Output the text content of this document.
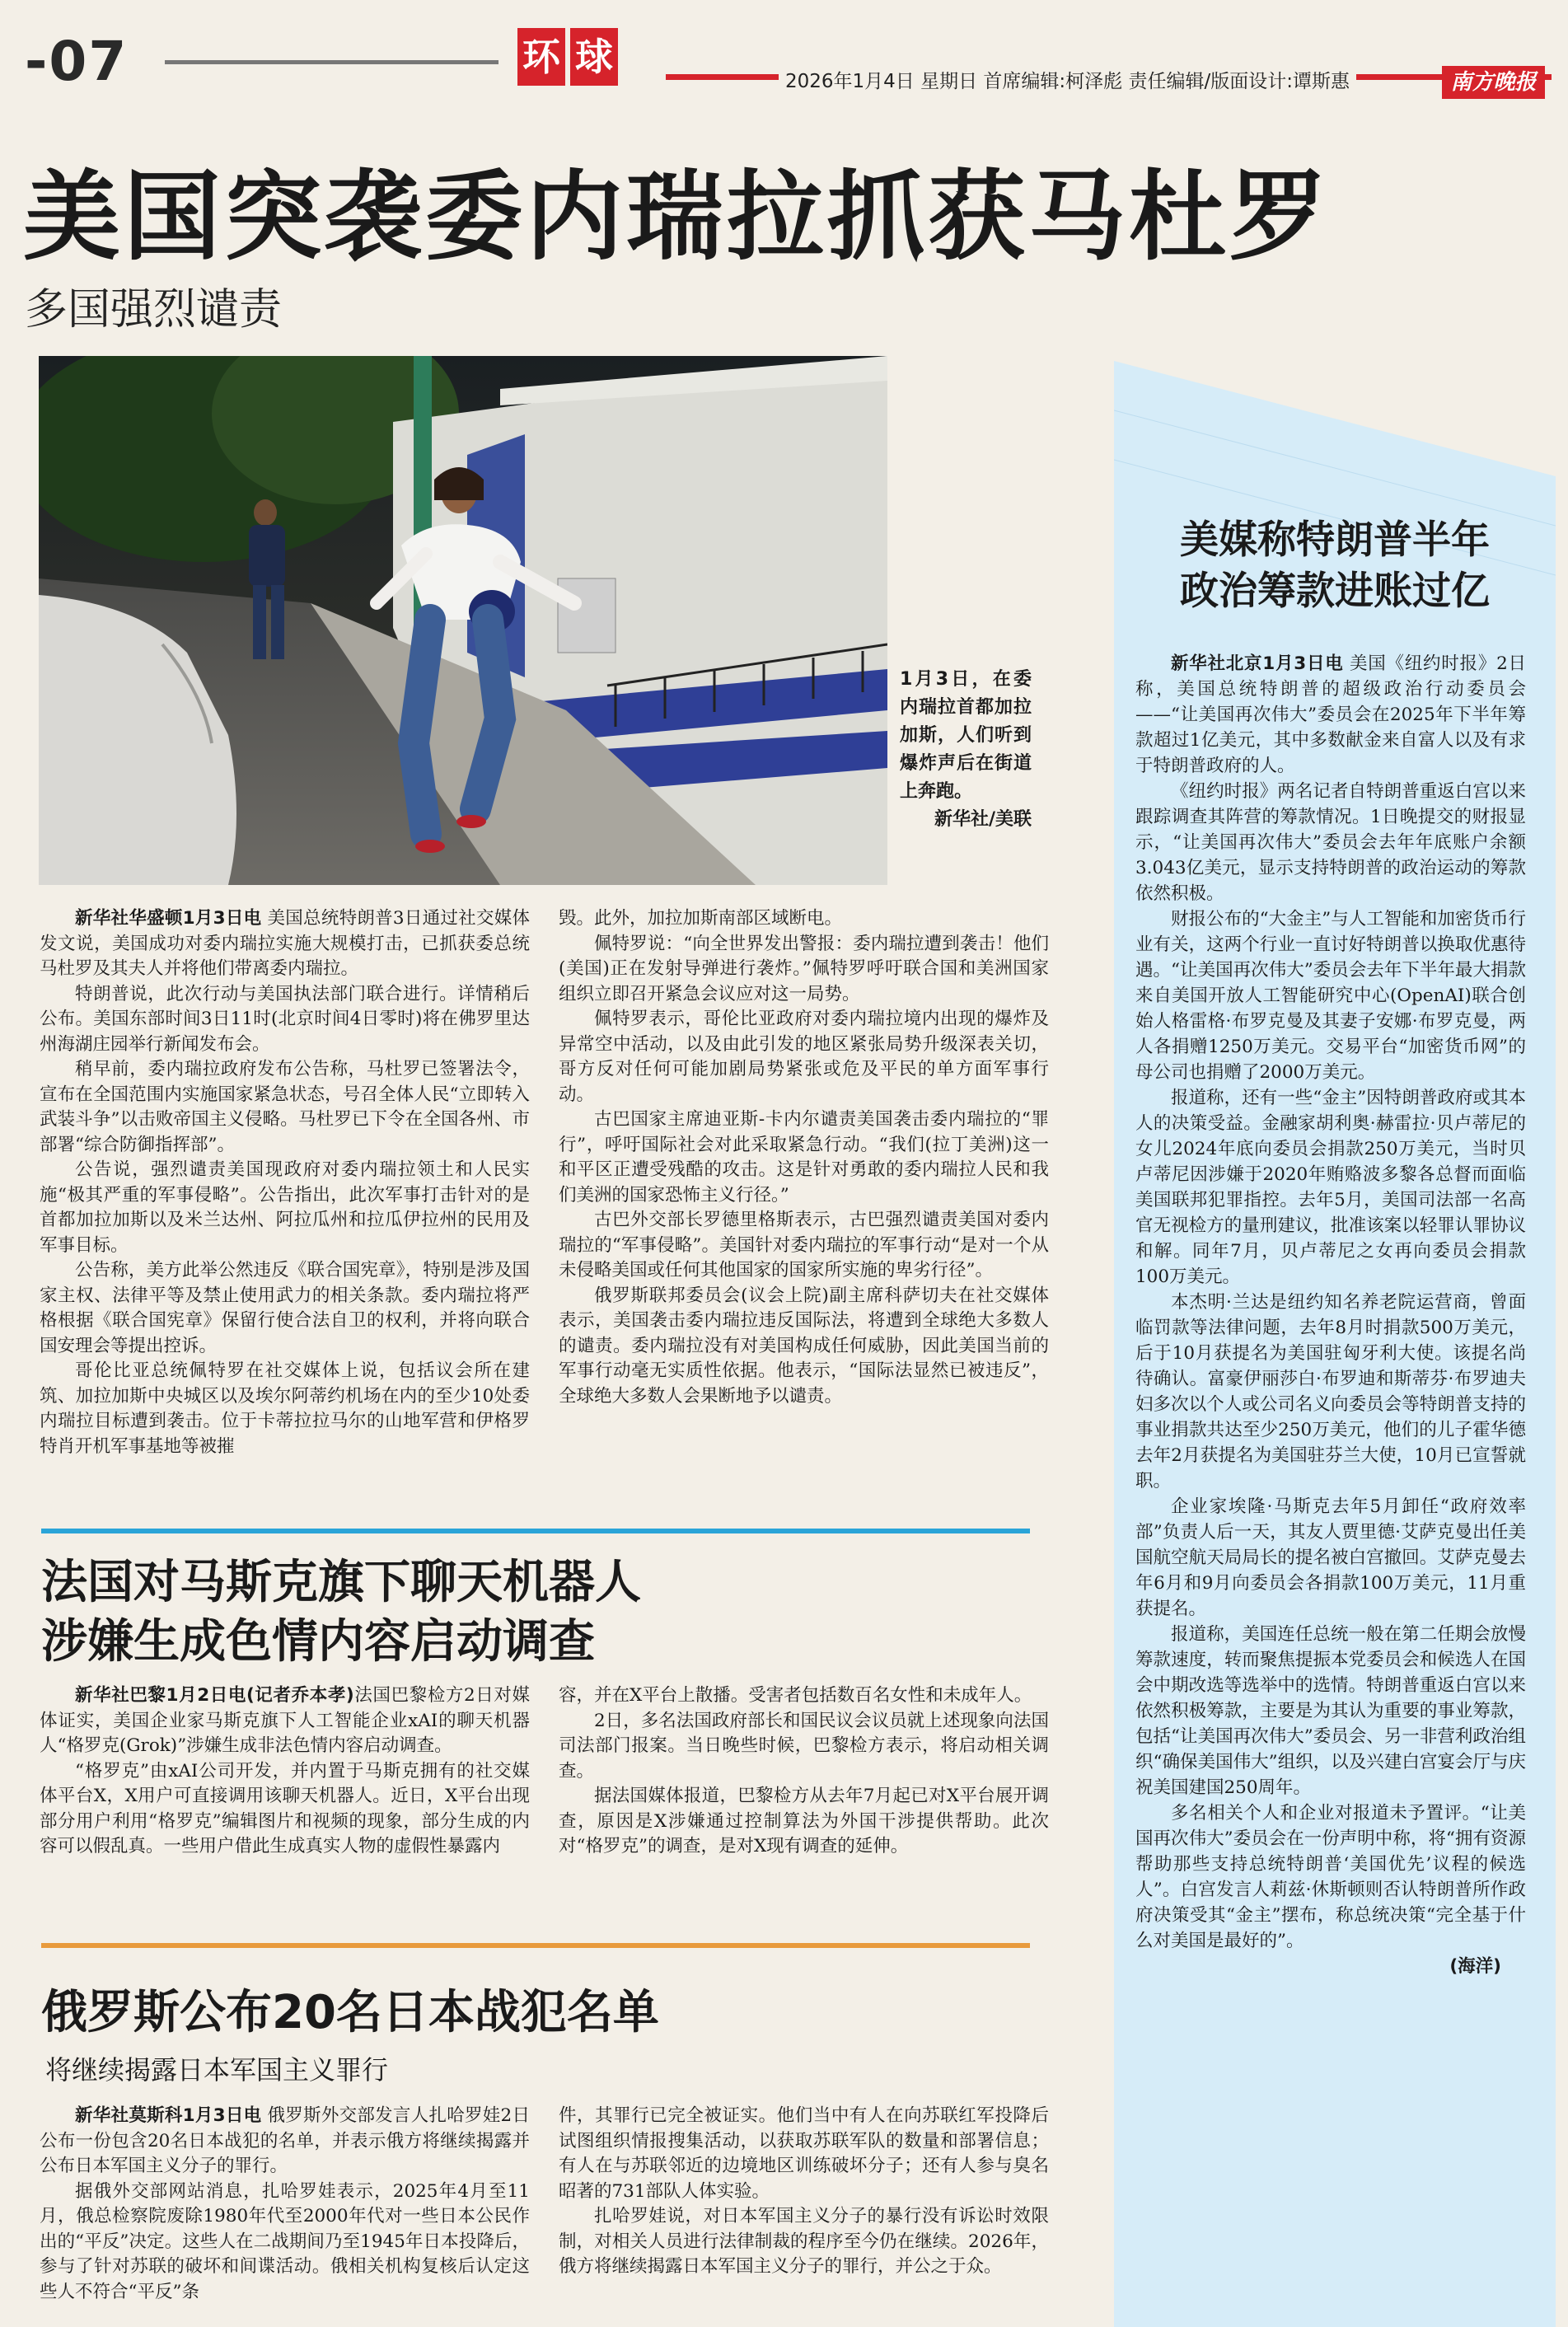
-07	环 球
2026年1月4日 星期日 首席编辑:柯泽彪 责任编辑/版面设计:谭斯惠	南方晚报
美国突袭委内瑞拉抓获马杜罗
多国强烈谴责
1月3日，在委内瑞拉首都加拉加斯，人们听到爆炸声后在街道上奔跑。
新华社/美联

新华社华盛顿1月3日电 美国总统特朗普3日通过社交媒体发文说，美国成功对委内瑞拉实施大规模打击，已抓获委总统马杜罗及其夫人并将他们带离委内瑞拉。

特朗普说，此次行动与美国执法部门联合进行。详情稍后公布。美国东部时间3日11时(北京时间4日零时)将在佛罗里达州海湖庄园举行新闻发布会。

稍早前，委内瑞拉政府发布公告称，马杜罗已签署法令，宣布在全国范围内实施国家紧急状态，号召全体人民“立即转入武装斗争”以击败帝国主义侵略。马杜罗已下令在全国各州、市部署“综合防御指挥部”。

公告说，强烈谴责美国现政府对委内瑞拉领土和人民实施“极其严重的军事侵略”。公告指出，此次军事打击针对的是首都加拉加斯以及米兰达州、阿拉瓜州和拉瓜伊拉州的民用及军事目标。

公告称，美方此举公然违反《联合国宪章》，特别是涉及国家主权、法律平等及禁止使用武力的相关条款。委内瑞拉将严格根据《联合国宪章》保留行使合法自卫的权利，并将向联合国安理会等提出控诉。

哥伦比亚总统佩特罗在社交媒体上说，包括议会所在建筑、加拉加斯中央城区以及埃尔阿蒂约机场在内的至少10处委内瑞拉目标遭到袭击。位于卡蒂拉拉马尔的山地军营和伊格罗特肖开机军事基地等被摧

毁。此外，加拉加斯南部区域断电。

佩特罗说：“向全世界发出警报：委内瑞拉遭到袭击！他们(美国)正在发射导弹进行袭炸。”佩特罗呼吁联合国和美洲国家组织立即召开紧急会议应对这一局势。

佩特罗表示，哥伦比亚政府对委内瑞拉境内出现的爆炸及异常空中活动，以及由此引发的地区紧张局势升级深表关切，哥方反对任何可能加剧局势紧张或危及平民的单方面军事行动。

古巴国家主席迪亚斯-卡内尔谴责美国袭击委内瑞拉的“罪行”，呼吁国际社会对此采取紧急行动。“我们(拉丁美洲)这一和平区正遭受残酷的攻击。这是针对勇敢的委内瑞拉人民和我们美洲的国家恐怖主义行径。”

古巴外交部长罗德里格斯表示，古巴强烈谴责美国对委内瑞拉的“军事侵略”。美国针对委内瑞拉的军事行动“是对一个从未侵略美国或任何其他国家的国家所实施的卑劣行径”。

俄罗斯联邦委员会(议会上院)副主席科萨切夫在社交媒体表示，美国袭击委内瑞拉违反国际法，将遭到全球绝大多数人的谴责。委内瑞拉没有对美国构成任何威胁，因此美国当前的军事行动毫无实质性依据。他表示，“国际法显然已被违反”，全球绝大多数人会果断地予以谴责。

法国对马斯克旗下聊天机器人
涉嫌生成色情内容启动调查

新华社巴黎1月2日电(记者乔本孝)法国巴黎检方2日对媒体证实，美国企业家马斯克旗下人工智能企业xAI的聊天机器人“格罗克(Grok)”涉嫌生成非法色情内容启动调查。

“格罗克”由xAI公司开发，并内置于马斯克拥有的社交媒体平台X，X用户可直接调用该聊天机器人。近日，X平台出现部分用户利用“格罗克”编辑图片和视频的现象，部分生成的内容可以假乱真。一些用户借此生成真实人物的虚假性暴露内

容，并在X平台上散播。受害者包括数百名女性和未成年人。

2日，多名法国政府部长和国民议会议员就上述现象向法国司法部门报案。当日晚些时候，巴黎检方表示，将启动相关调查。

据法国媒体报道，巴黎检方从去年7月起已对X平台展开调查，原因是X涉嫌通过控制算法为外国干涉提供帮助。此次对“格罗克”的调查，是对X现有调查的延伸。

俄罗斯公布20名日本战犯名单
将继续揭露日本军国主义罪行

新华社莫斯科1月3日电 俄罗斯外交部发言人扎哈罗娃2日公布一份包含20名日本战犯的名单，并表示俄方将继续揭露并公布日本军国主义分子的罪行。

据俄外交部网站消息，扎哈罗娃表示，2025年4月至11月，俄总检察院废除1980年代至2000年代对一些日本公民作出的“平反”决定。这些人在二战期间乃至1945年日本投降后，参与了针对苏联的破坏和间谍活动。俄相关机构复核后认定这些人不符合“平反”条

件，其罪行已完全被证实。他们当中有人在向苏联红军投降后试图组织情报搜集活动，以获取苏联军队的数量和部署信息；有人在与苏联邻近的边境地区训练破坏分子；还有人参与臭名昭著的731部队人体实验。

扎哈罗娃说，对日本军国主义分子的暴行没有诉讼时效限制，对相关人员进行法律制裁的程序至今仍在继续。2026年，俄方将继续揭露日本军国主义分子的罪行，并公之于众。

美媒称特朗普半年
政治筹款进账过亿

新华社北京1月3日电 美国《纽约时报》2日称，美国总统特朗普的超级政治行动委员会——“让美国再次伟大”委员会在2025年下半年筹款超过1亿美元，其中多数献金来自富人以及有求于特朗普政府的人。

《纽约时报》两名记者自特朗普重返白宫以来跟踪调查其阵营的筹款情况。1日晚提交的财报显示，“让美国再次伟大”委员会去年年底账户余额3.043亿美元，显示支持特朗普的政治运动的筹款依然积极。

财报公布的“大金主”与人工智能和加密货币行业有关，这两个行业一直讨好特朗普以换取优惠待遇。“让美国再次伟大”委员会去年下半年最大捐款来自美国开放人工智能研究中心(OpenAI)联合创始人格雷格·布罗克曼及其妻子安娜·布罗克曼，两人各捐赠1250万美元。交易平台“加密货币网”的母公司也捐赠了2000万美元。

报道称，还有一些“金主”因特朗普政府或其本人的决策受益。金融家胡利奥·赫雷拉·贝卢蒂尼的女儿2024年底向委员会捐款250万美元，当时贝卢蒂尼因涉嫌于2020年贿赂波多黎各总督而面临美国联邦犯罪指控。去年5月，美国司法部一名高官无视检方的量刑建议，批准该案以轻罪认罪协议和解。同年7月，贝卢蒂尼之女再向委员会捐款100万美元。

本杰明·兰达是纽约知名养老院运营商，曾面临罚款等法律问题，去年8月时捐款500万美元，后于10月获提名为美国驻匈牙利大使。该提名尚待确认。富豪伊丽莎白·布罗迪和斯蒂芬·布罗迪夫妇多次以个人或公司名义向委员会等特朗普支持的事业捐款共达至少250万美元，他们的儿子霍华德去年2月获提名为美国驻芬兰大使，10月已宣誓就职。

企业家埃隆·马斯克去年5月卸任“政府效率部”负责人后一天，其友人贾里德·艾萨克曼出任美国航空航天局局长的提名被白宫撤回。艾萨克曼去年6月和9月向委员会各捐款100万美元，11月重获提名。

报道称，美国连任总统一般在第二任期会放慢筹款速度，转而聚焦提振本党委员会和候选人在国会中期改选等选举中的选情。特朗普重返白宫以来依然积极筹款，主要是为其认为重要的事业筹款，包括“让美国再次伟大”委员会、另一非营利政治组织“确保美国伟大”组织，以及兴建白宫宴会厅与庆祝美国建国250周年。

多名相关个人和企业对报道未予置评。“让美国再次伟大”委员会在一份声明中称，将“拥有资源帮助那些支持总统特朗普‘美国优先’议程的候选人”。白宫发言人莉兹·休斯顿则否认特朗普所作政府决策受其“金主”摆布，称总统决策“完全基于什么对美国是最好的”。

(海洋)
